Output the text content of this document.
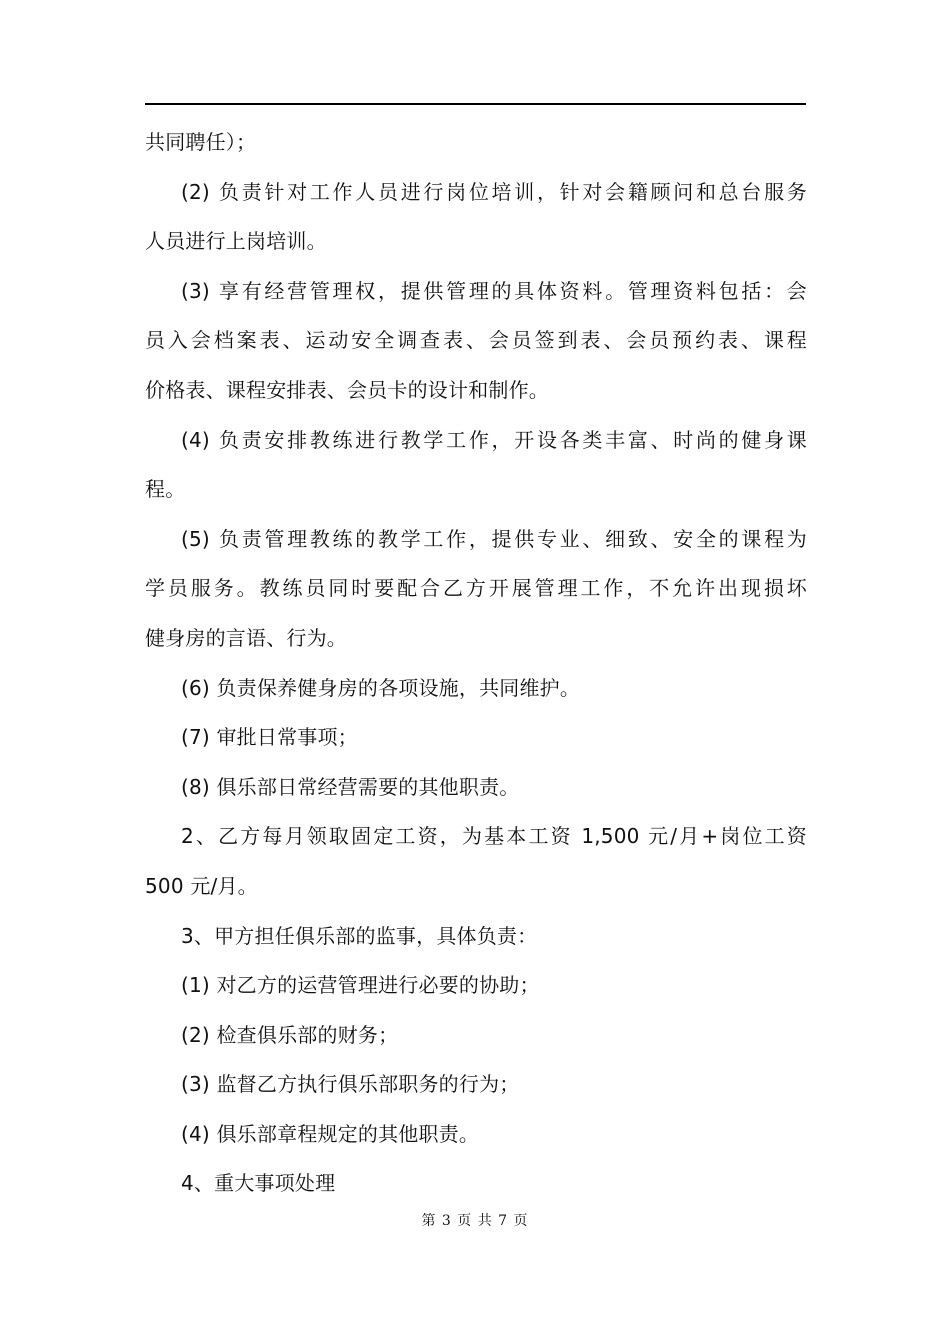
共同聘任）；
(2) 负责针对工作人员进行岗位培训，针对会籍顾问和总台服务
人员进行上岗培训。
(3) 享有经营管理权，提供管理的具体资料。管理资料包括：会
员入会档案表、运动安全调查表、会员签到表、会员预约表、课程
价格表、课程安排表、会员卡的设计和制作。
(4) 负责安排教练进行教学工作，开设各类丰富、时尚的健身课
程。
(5) 负责管理教练的教学工作，提供专业、细致、安全的课程为
学员服务。教练员同时要配合乙方开展管理工作，不允许出现损坏
健身房的言语、行为。
(6) 负责保养健身房的各项设施，共同维护。
(7) 审批日常事项；
(8) 俱乐部日常经营需要的其他职责。
2、乙方每月领取固定工资，为基本工资 1,500 元/月+岗位工资
500 元/月。
3、甲方担任俱乐部的监事，具体负责：
(1) 对乙方的运营管理进行必要的协助；
(2) 检查俱乐部的财务；
(3) 监督乙方执行俱乐部职务的行为；
(4) 俱乐部章程规定的其他职责。
4、重大事项处理
第 3 页 共 7 页
